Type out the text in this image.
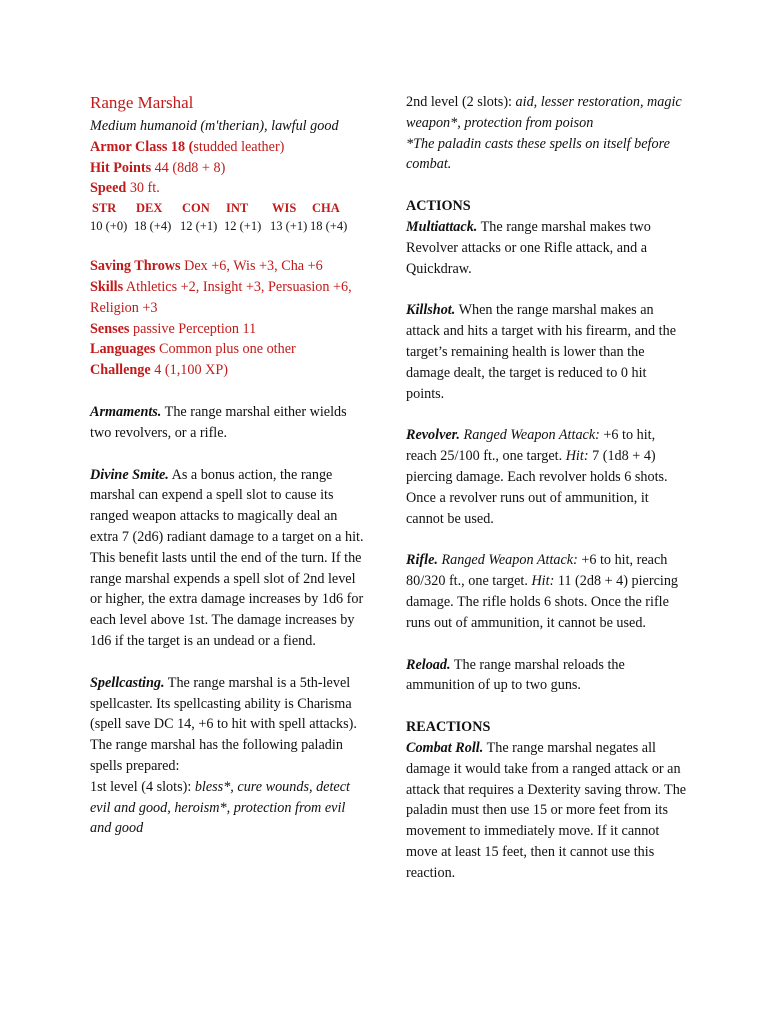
Range Marshal

Medium humanoid (m'therian), lawful good

Armor Class 18 (studded leather)

Hit Points 44 (8d8 + 8)

Speed 30 ft.

STR	DEX	CON	INT	WIS	CHA
10 (+0) 18 (+4) 12 (+1) 12 (+1) 13 (+1) 18 (+4)

Saving Throws Dex +6, Wis +3, Cha +6

Skills Athletics +2, Insight +3, Persuasion +6, Religion +3

Senses passive Perception 11

Languages Common plus one other

Challenge 4 (1,100 XP)

Armaments. The range marshal either wields two revolvers, or a rifle.

Divine Smite. As a bonus action, the range marshal can expend a spell slot to cause its ranged weapon attacks to magically deal an extra 7 (2d6) radiant damage to a target on a hit. This benefit lasts until the end of the turn. If the range marshal expends a spell slot of 2nd level or higher, the extra damage increases by 1d6 for each level above 1st. The damage increases by 1d6 if the target is an undead or a fiend.

Spellcasting. The range marshal is a 5th-level spellcaster. Its spellcasting ability is Charisma (spell save DC 14, +6 to hit with spell attacks). The range marshal has the following paladin spells prepared:

1st level (4 slots): bless*, cure wounds, detect evil and good, heroism*, protection from evil and good

2nd level (2 slots): aid, lesser restoration, magic weapon*, protection from poison

*The paladin casts these spells on itself before combat.

ACTIONS

Multiattack. The range marshal makes two Revolver attacks or one Rifle attack, and a Quickdraw.

Killshot. When the range marshal makes an attack and hits a target with his firearm, and the target’s remaining health is lower than the damage dealt, the target is reduced to 0 hit points.

Revolver. Ranged Weapon Attack: +6 to hit, reach 25/100 ft., one target. Hit: 7 (1d8 + 4) piercing damage. Each revolver holds 6 shots. Once a revolver runs out of ammunition, it cannot be used.

Rifle. Ranged Weapon Attack: +6 to hit, reach 80/320 ft., one target. Hit: 11 (2d8 + 4) piercing damage. The rifle holds 6 shots. Once the rifle runs out of ammunition, it cannot be used.

Reload. The range marshal reloads the ammunition of up to two guns.

REACTIONS

Combat Roll. The range marshal negates all damage it would take from a ranged attack or an attack that requires a Dexterity saving throw. The paladin must then use 15 or more feet from its movement to immediately move. If it cannot move at least 15 feet, then it cannot use this reaction.
